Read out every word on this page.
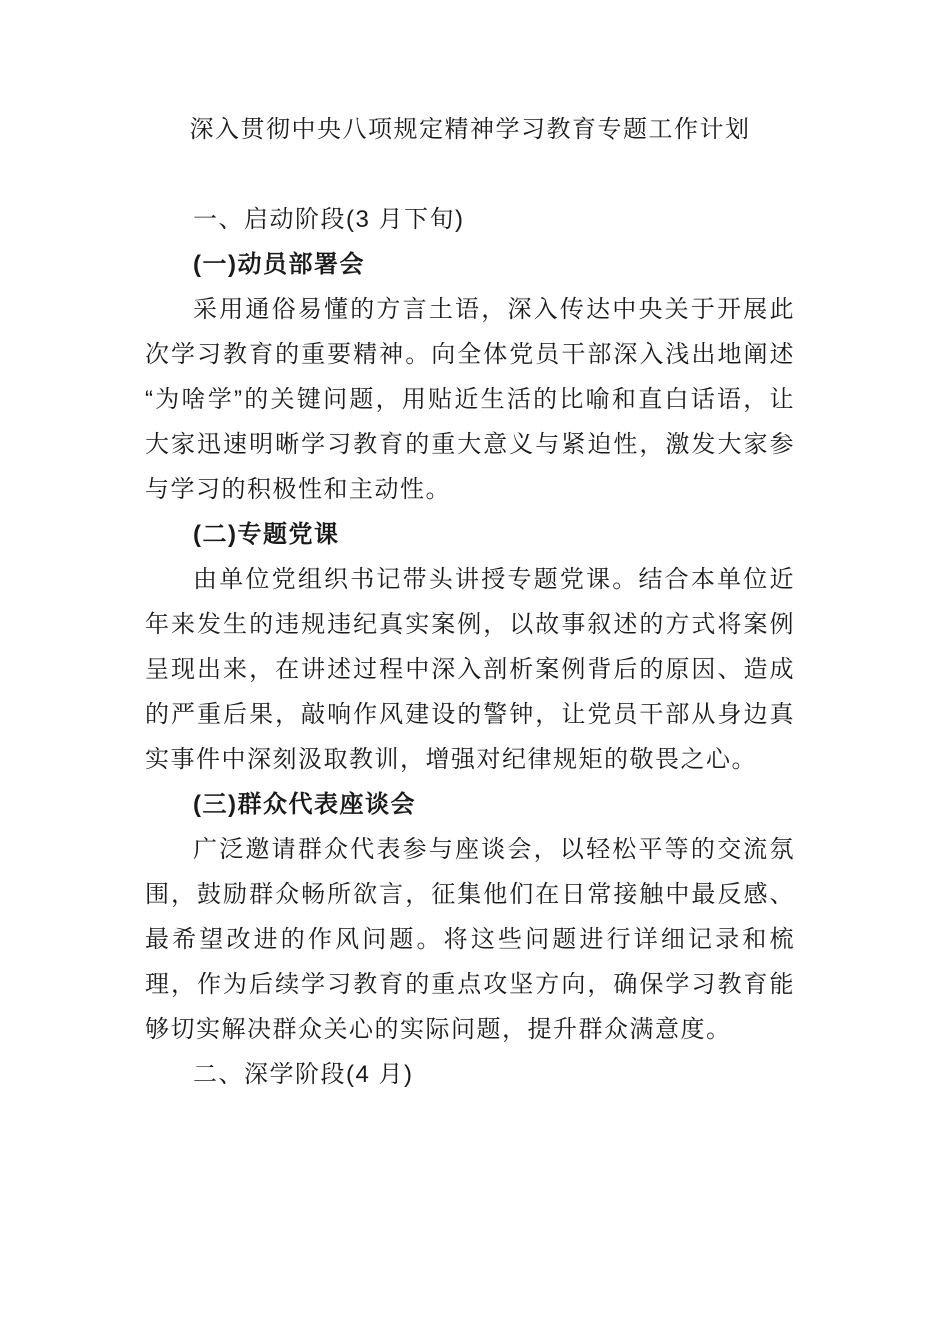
深入贯彻中央八项规定精神学习教育专题工作计划
一、启动阶段(3 月下旬)
(一)动员部署会

采用通俗易懂的方言土语，深入传达中央关于开展此次学习教育的重要精神。向全体党员干部深入浅出地阐述“为啥学”的关键问题，用贴近生活的比喻和直白话语，让大家迅速明晰学习教育的重大意义与紧迫性，激发大家参与学习的积极性和主动性。

(二)专题党课

由单位党组织书记带头讲授专题党课。结合本单位近年来发生的违规违纪真实案例，以故事叙述的方式将案例呈现出来，在讲述过程中深入剖析案例背后的原因、造成的严重后果，敲响作风建设的警钟，让党员干部从身边真实事件中深刻汲取教训，增强对纪律规矩的敬畏之心。

(三)群众代表座谈会

广泛邀请群众代表参与座谈会，以轻松平等的交流氛围，鼓励群众畅所欲言，征集他们在日常接触中最反感、最希望改进的作风问题。将这些问题进行详细记录和梳理，作为后续学习教育的重点攻坚方向，确保学习教育能够切实解决群众关心的实际问题，提升群众满意度。

二、深学阶段(4 月)
